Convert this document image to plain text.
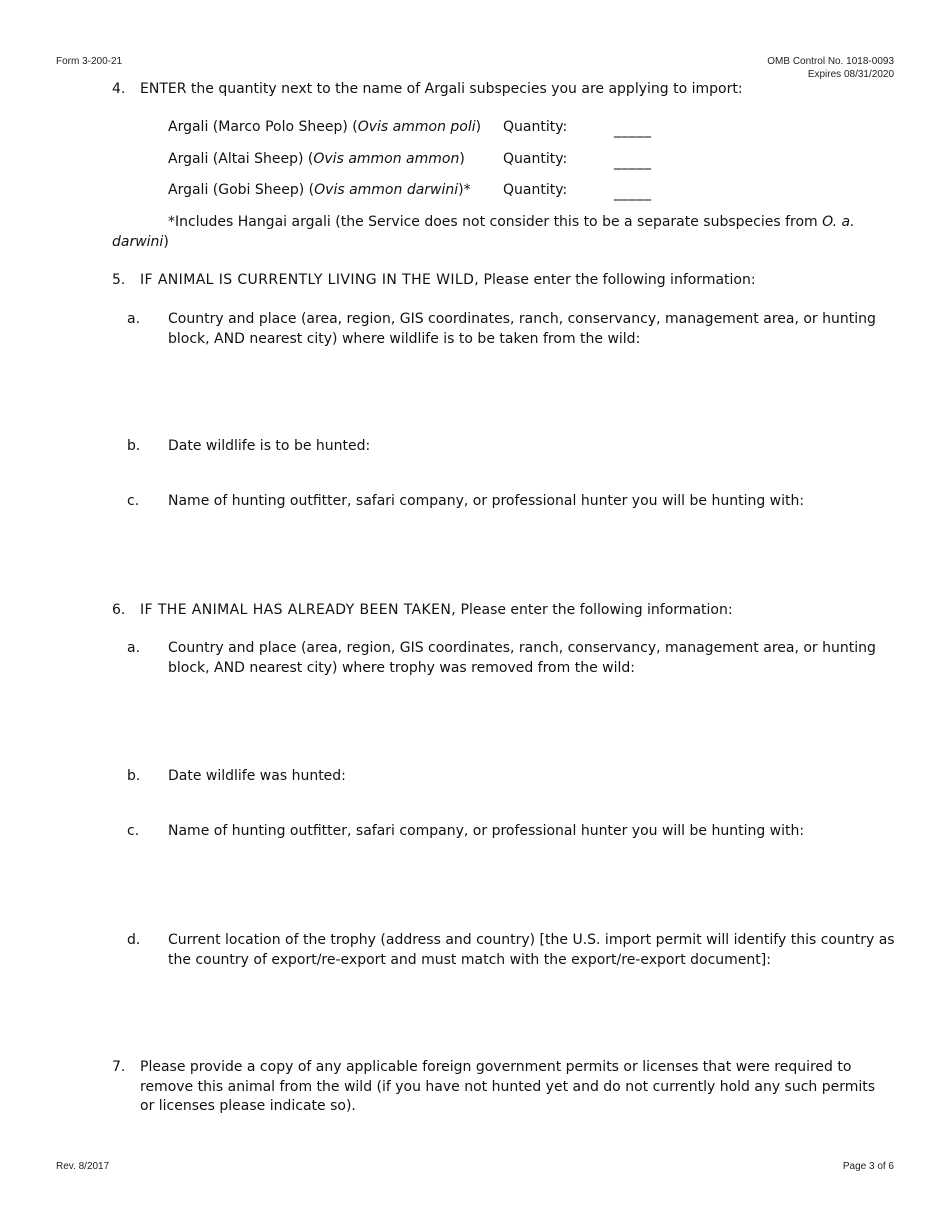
Form 3-200-21	OMB Control No. 1018-0093
Expires 08/31/2020
4. ENTER the quantity next to the name of Argali subspecies you are applying to import:
Argali (Marco Polo Sheep) (Ovis ammon poli) Quantity:	_____
Argali (Altai Sheep) (Ovis ammon ammon)	Quantity:	_____
Argali (Gobi Sheep) (Ovis ammon darwini)* Quantity:	_____
*Includes Hangai argali (the Service does not consider this to be a separate subspecies from O. a. darwini)
5. IF ANIMAL IS CURRENTLY LIVING IN THE WILD, Please enter the following information:
a. Country and place (area, region, GIS coordinates, ranch, conservancy, management area, or hunting block, AND nearest city) where wildlife is to be taken from the wild:
b. Date wildlife is to be hunted:
c. Name of hunting outfitter, safari company, or professional hunter you will be hunting with:
6. IF THE ANIMAL HAS ALREADY BEEN TAKEN, Please enter the following information:
a. Country and place (area, region, GIS coordinates, ranch, conservancy, management area, or hunting block, AND nearest city) where trophy was removed from the wild:
b. Date wildlife was hunted:
c. Name of hunting outfitter, safari company, or professional hunter you will be hunting with:
d. Current location of the trophy (address and country) [the U.S. import permit will identify this country as the country of export/re-export and must match with the export/re-export document]:
7. Please provide a copy of any applicable foreign government permits or licenses that were required to remove this animal from the wild (if you have not hunted yet and do not currently hold any such permits or licenses please indicate so).
Rev. 8/2017	Page 3 of 6
